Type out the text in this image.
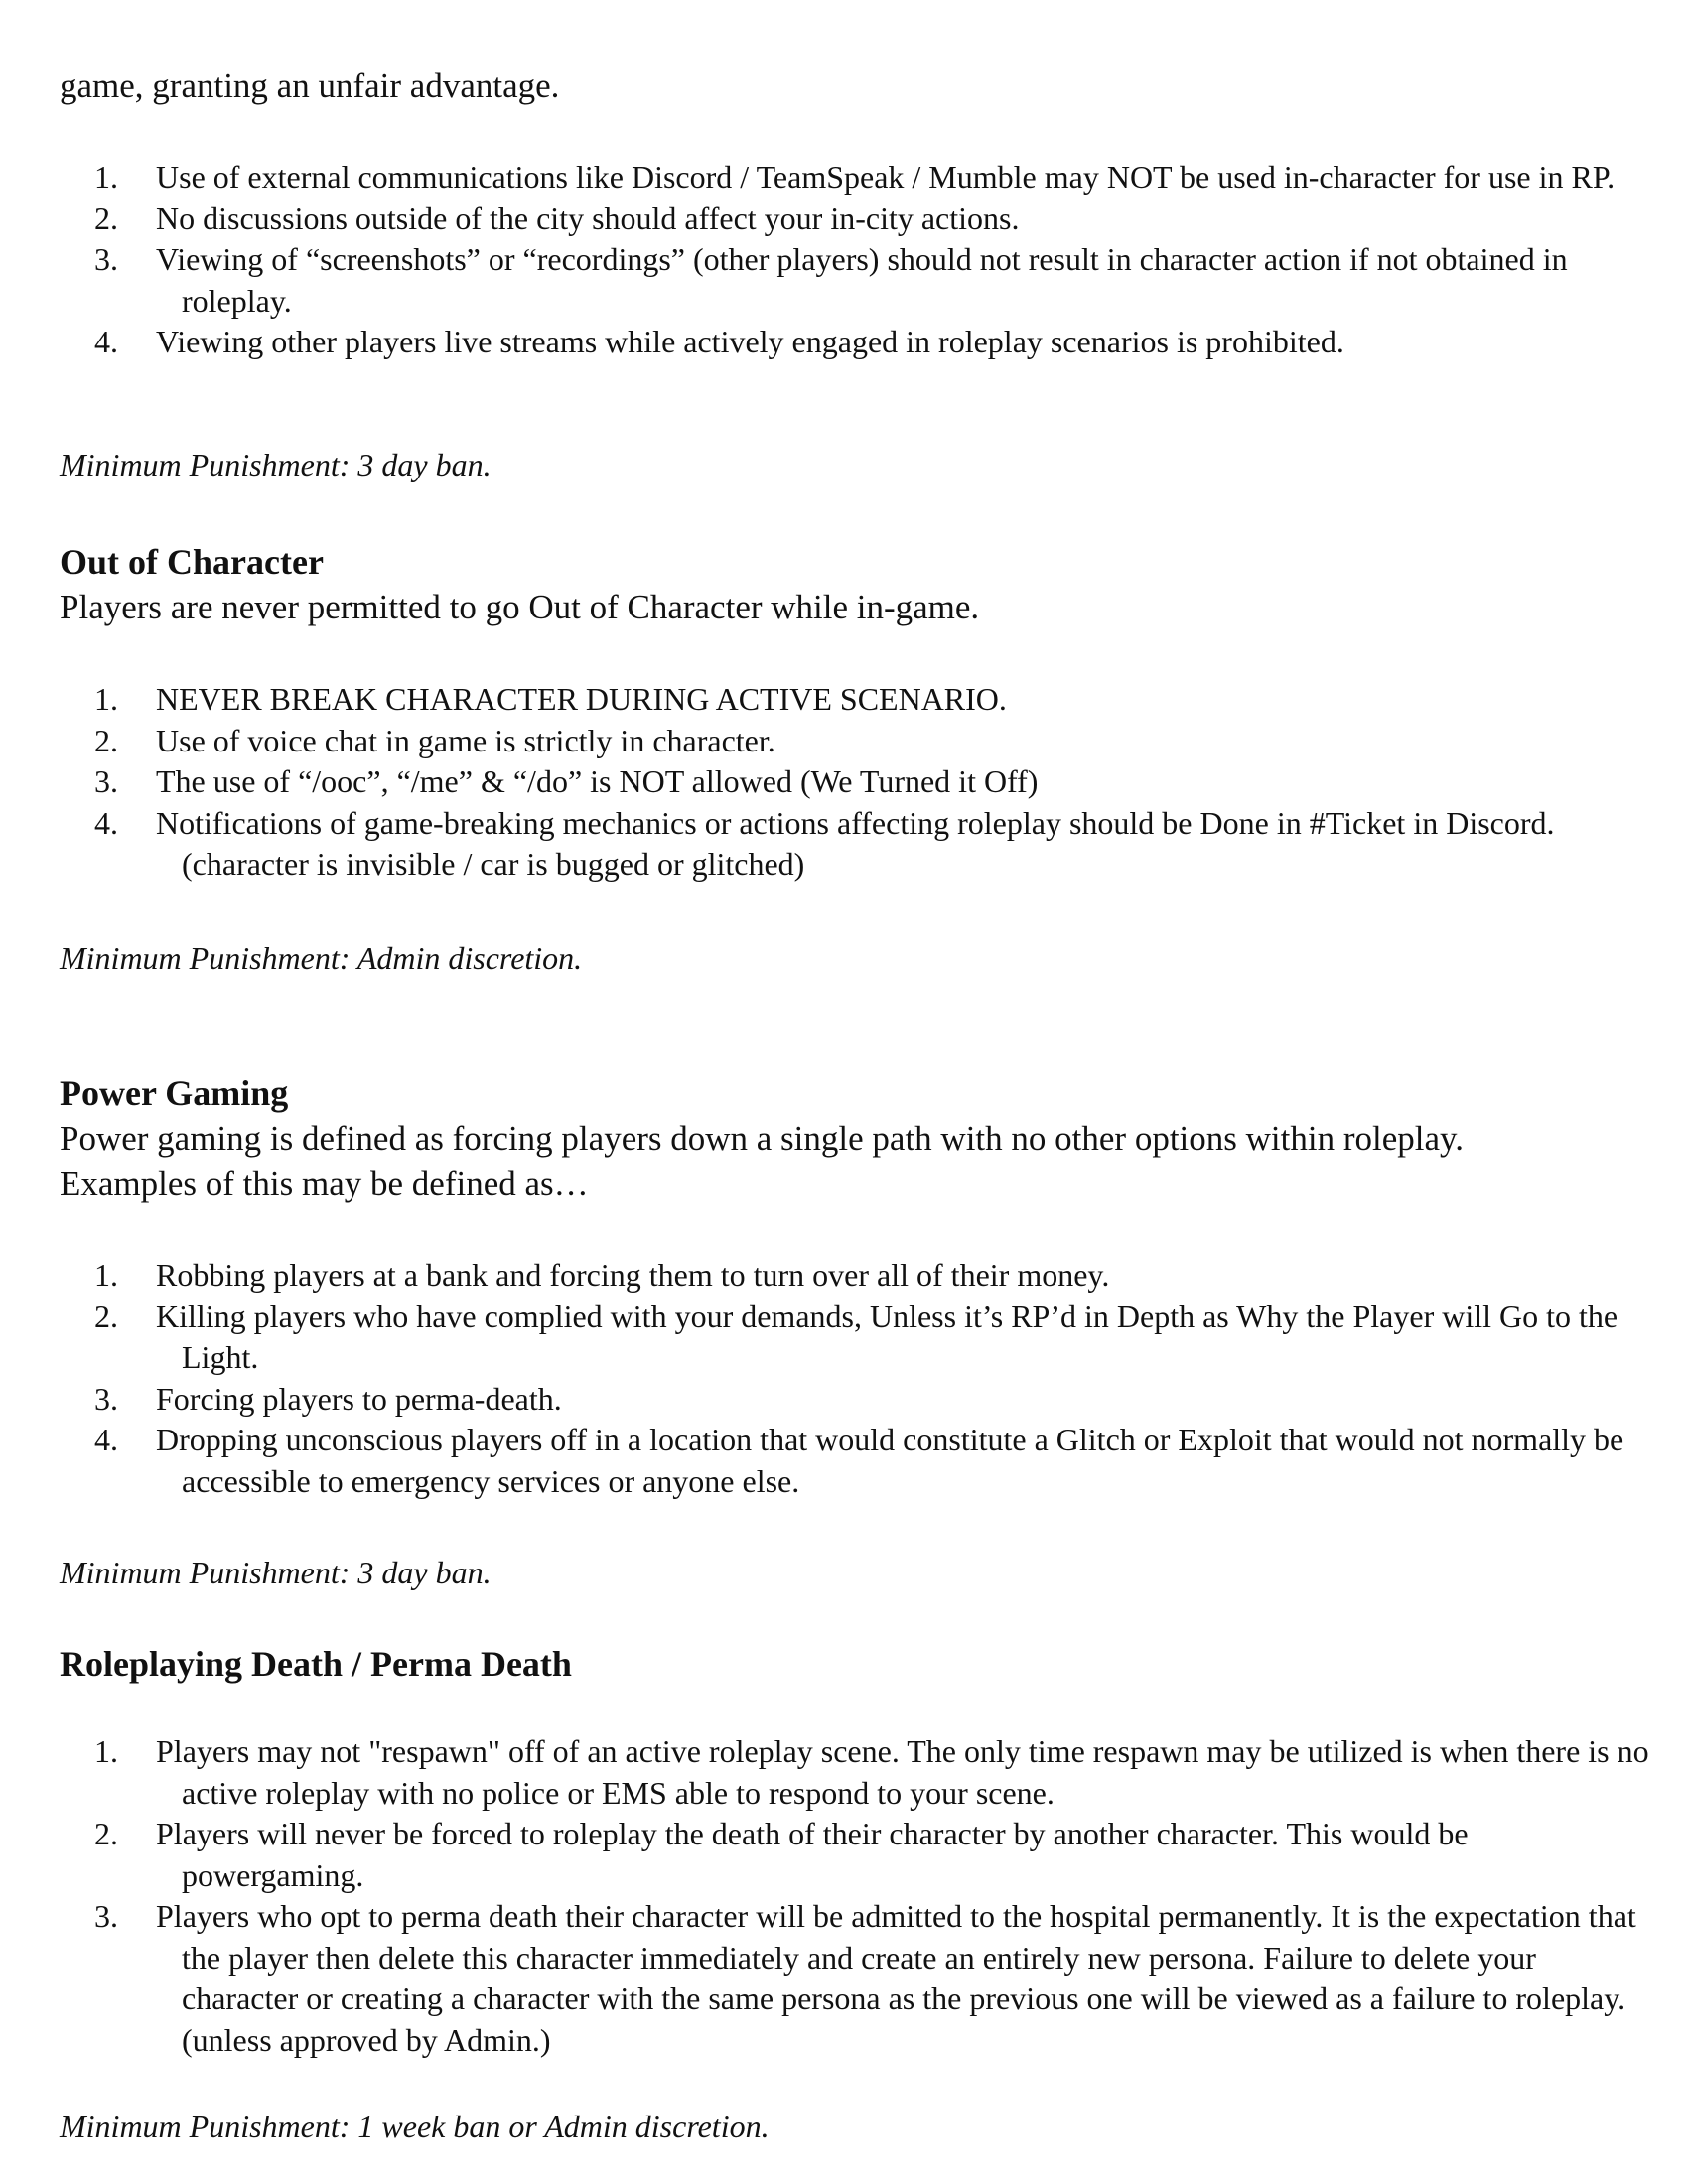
game, granting an unfair advantage.

1. Use of external communications like Discord / TeamSpeak / Mumble may NOT be used in-character for use in RP.
2. No discussions outside of the city should affect your in-city actions.
3. Viewing of “screenshots” or “recordings” (other players) should not result in character action if not obtained in roleplay.
4. Viewing other players live streams while actively engaged in roleplay scenarios is prohibited.

Minimum Punishment: 3 day ban.

Out of Character

Players are never permitted to go Out of Character while in-game.

1. NEVER BREAK CHARACTER DURING ACTIVE SCENARIO.
2. Use of voice chat in game is strictly in character.
3. The use of “/ooc”, “/me” & “/do” is NOT allowed (We Turned it Off)
4. Notifications of game-breaking mechanics or actions affecting roleplay should be Done in #Ticket in Discord. (character is invisible / car is bugged or glitched)

Minimum Punishment: Admin discretion.

Power Gaming

Power gaming is defined as forcing players down a single path with no other options within roleplay. Examples of this may be defined as…

1. Robbing players at a bank and forcing them to turn over all of their money.
2. Killing players who have complied with your demands, Unless it’s RP’d in Depth as Why the Player will Go to the Light.
3. Forcing players to perma-death.
4. Dropping unconscious players off in a location that would constitute a Glitch or Exploit that would not normally be accessible to emergency services or anyone else.

Minimum Punishment: 3 day ban.

Roleplaying Death / Perma Death
1. Players may not "respawn" off of an active roleplay scene. The only time respawn may be utilized is when there is no active roleplay with no police or EMS able to respond to your scene.
2. Players will never be forced to roleplay the death of their character by another character. This would be powergaming.
3. Players who opt to perma death their character will be admitted to the hospital permanently. It is the expectation that the player then delete this character immediately and create an entirely new persona. Failure to delete your character or creating a character with the same persona as the previous one will be viewed as a failure to roleplay. (unless approved by Admin.)

Minimum Punishment: 1 week ban or Admin discretion.
